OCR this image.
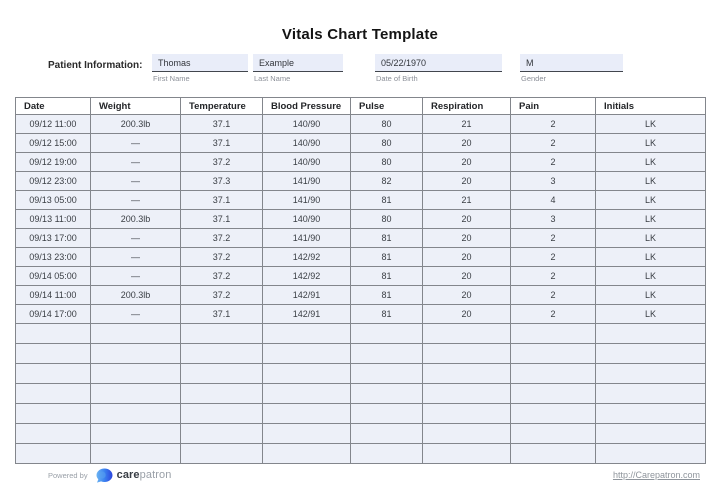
Vitals Chart Template
Patient Information:	Thomas
First Name
Example
Last Name
05/22/1970
Date of Birth
M
Gender
Date	Weight	Temperature	Blood Pressure	Pulse	Respiration	Pain	Initials
09/12 11:00	200.3lb	37.1	140/90	80	21	2	LK
09/12 15:00	—	37.1	140/90	80	20	2	LK
09/12 19:00	—	37.2	140/90	80	20	2	LK
09/12 23:00	—	37.3	141/90	82	20	3	LK
09/13 05:00	—	37.1	141/90	81	21	4	LK
09/13 11:00	200.3lb	37.1	140/90	80	20	3	LK
09/13 17:00	—	37.2	141/90	81	20	2	LK
09/13 23:00	—	37.2	142/92	81	20	2	LK
09/14 05:00	—	37.2	142/92	81	20	2	LK
09/14 11:00	200.3lb	37.2	142/91	81	20	2	LK
09/14 17:00	—	37.1	142/91	81	20	2	LK

Powered by	carepatron	http://Carepatron.com
